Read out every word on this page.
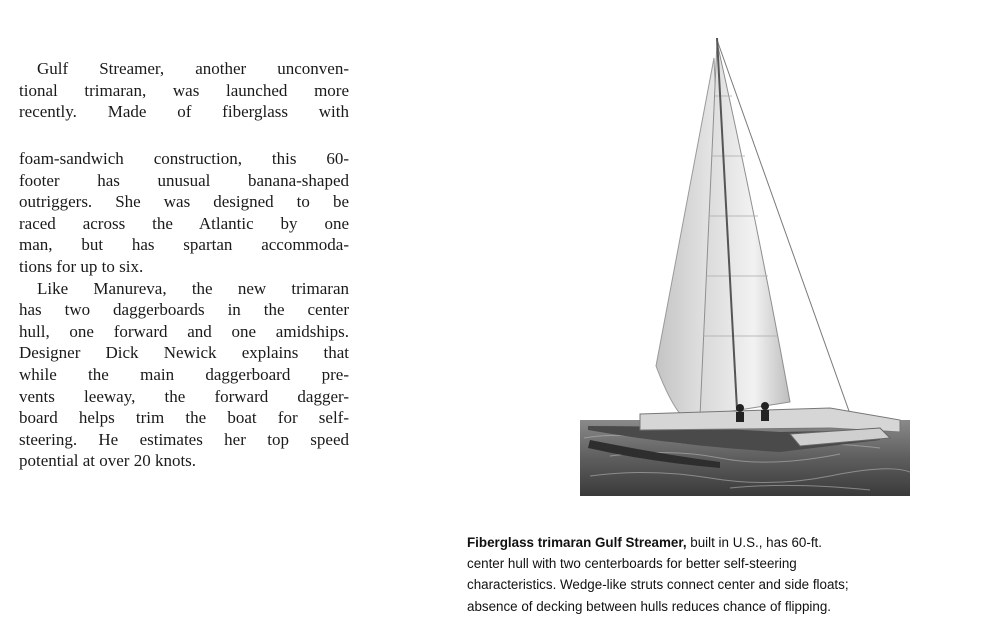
Gulf Streamer, another unconven-
tional trimaran, was launched more
recently. Made of fiberglass with
foam-sandwich construction, this 60-
footer has unusual banana-shaped
outriggers. She was designed to be
raced across the Atlantic by one
man, but has spartan accommoda-
tions for up to six.
Like Manureva, the new trimaran
has two daggerboards in the center
hull, one forward and one amidships.
Designer Dick Newick explains that
while the main daggerboard pre-
vents leeway, the forward dagger-
board helps trim the boat for self-
steering. He estimates her top speed
potential at over 20 knots.
Fiberglass trimaran Gulf Streamer, built in U.S., has 60-ft.
center hull with two centerboards for better self-steering
characteristics. Wedge-like struts connect center and side floats;
absence of decking between hulls reduces chance of flipping.
